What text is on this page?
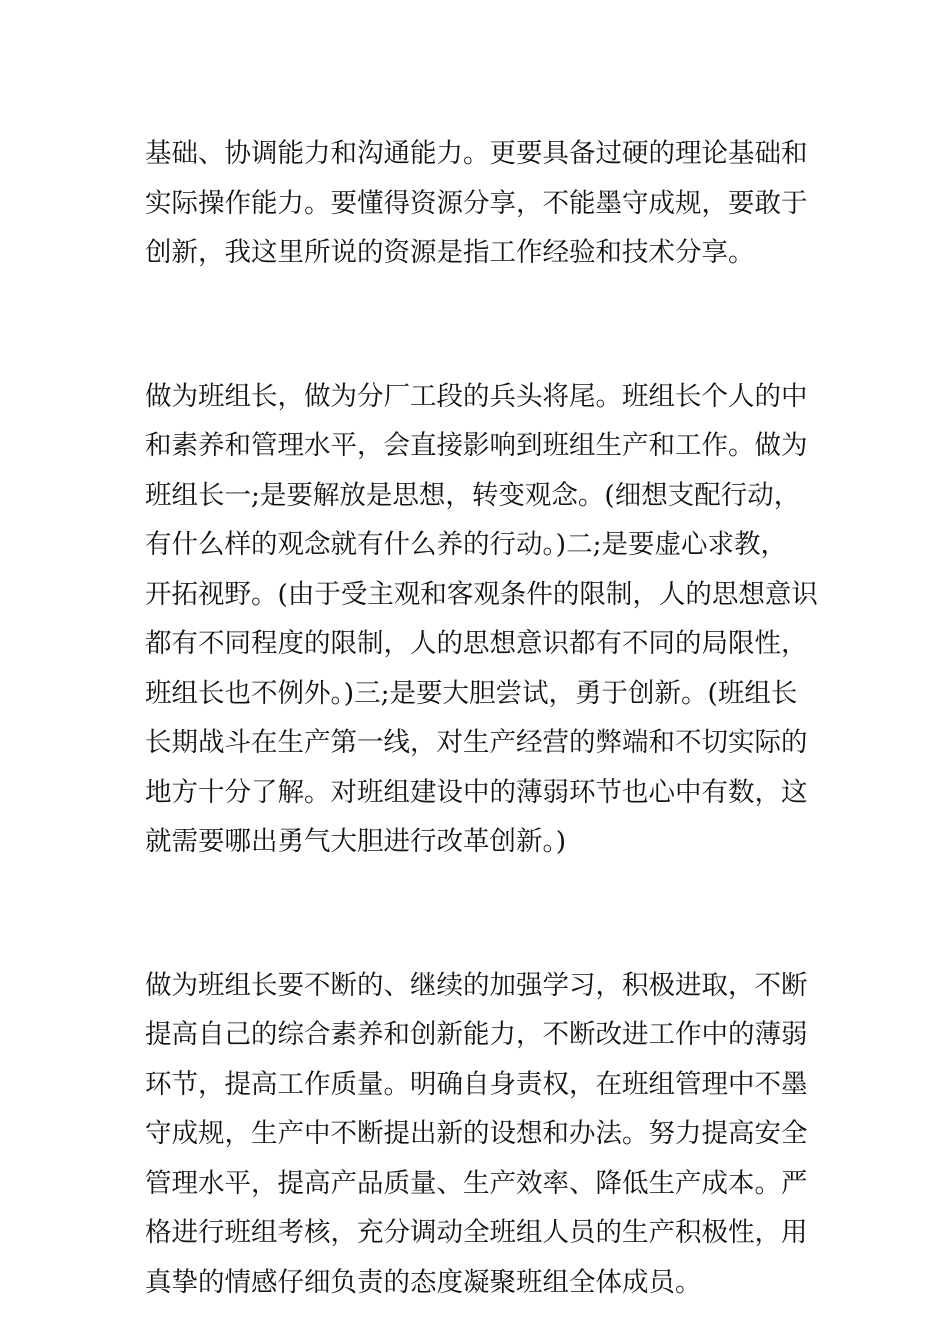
基础、协调能力和沟通能力。更要具备过硬的理论基础和
实际操作能力。要懂得资源分享，不能墨守成规，要敢于
创新，我这里所说的资源是指工作经验和技术分享。
做为班组长，做为分厂工段的兵头将尾。班组长个人的中
和素养和管理水平，会直接影响到班组生产和工作。做为
班组长一;是要解放是思想，转变观念。(细想支配行动，
有什么样的观念就有什么养的行动。)二;是要虚心求教，
开拓视野。(由于受主观和客观条件的限制，人的思想意识
都有不同程度的限制，人的思想意识都有不同的局限性，
班组长也不例外。)三;是要大胆尝试，勇于创新。(班组长
长期战斗在生产第一线，对生产经营的弊端和不切实际的
地方十分了解。对班组建设中的薄弱环节也心中有数，这
就需要哪出勇气大胆进行改革创新。)
做为班组长要不断的、继续的加强学习，积极进取，不断
提高自己的综合素养和创新能力，不断改进工作中的薄弱
环节，提高工作质量。明确自身责权，在班组管理中不墨
守成规，生产中不断提出新的设想和办法。努力提高安全
管理水平，提高产品质量、生产效率、降低生产成本。严
格进行班组考核，充分调动全班组人员的生产积极性，用
真挚的情感仔细负责的态度凝聚班组全体成员。
